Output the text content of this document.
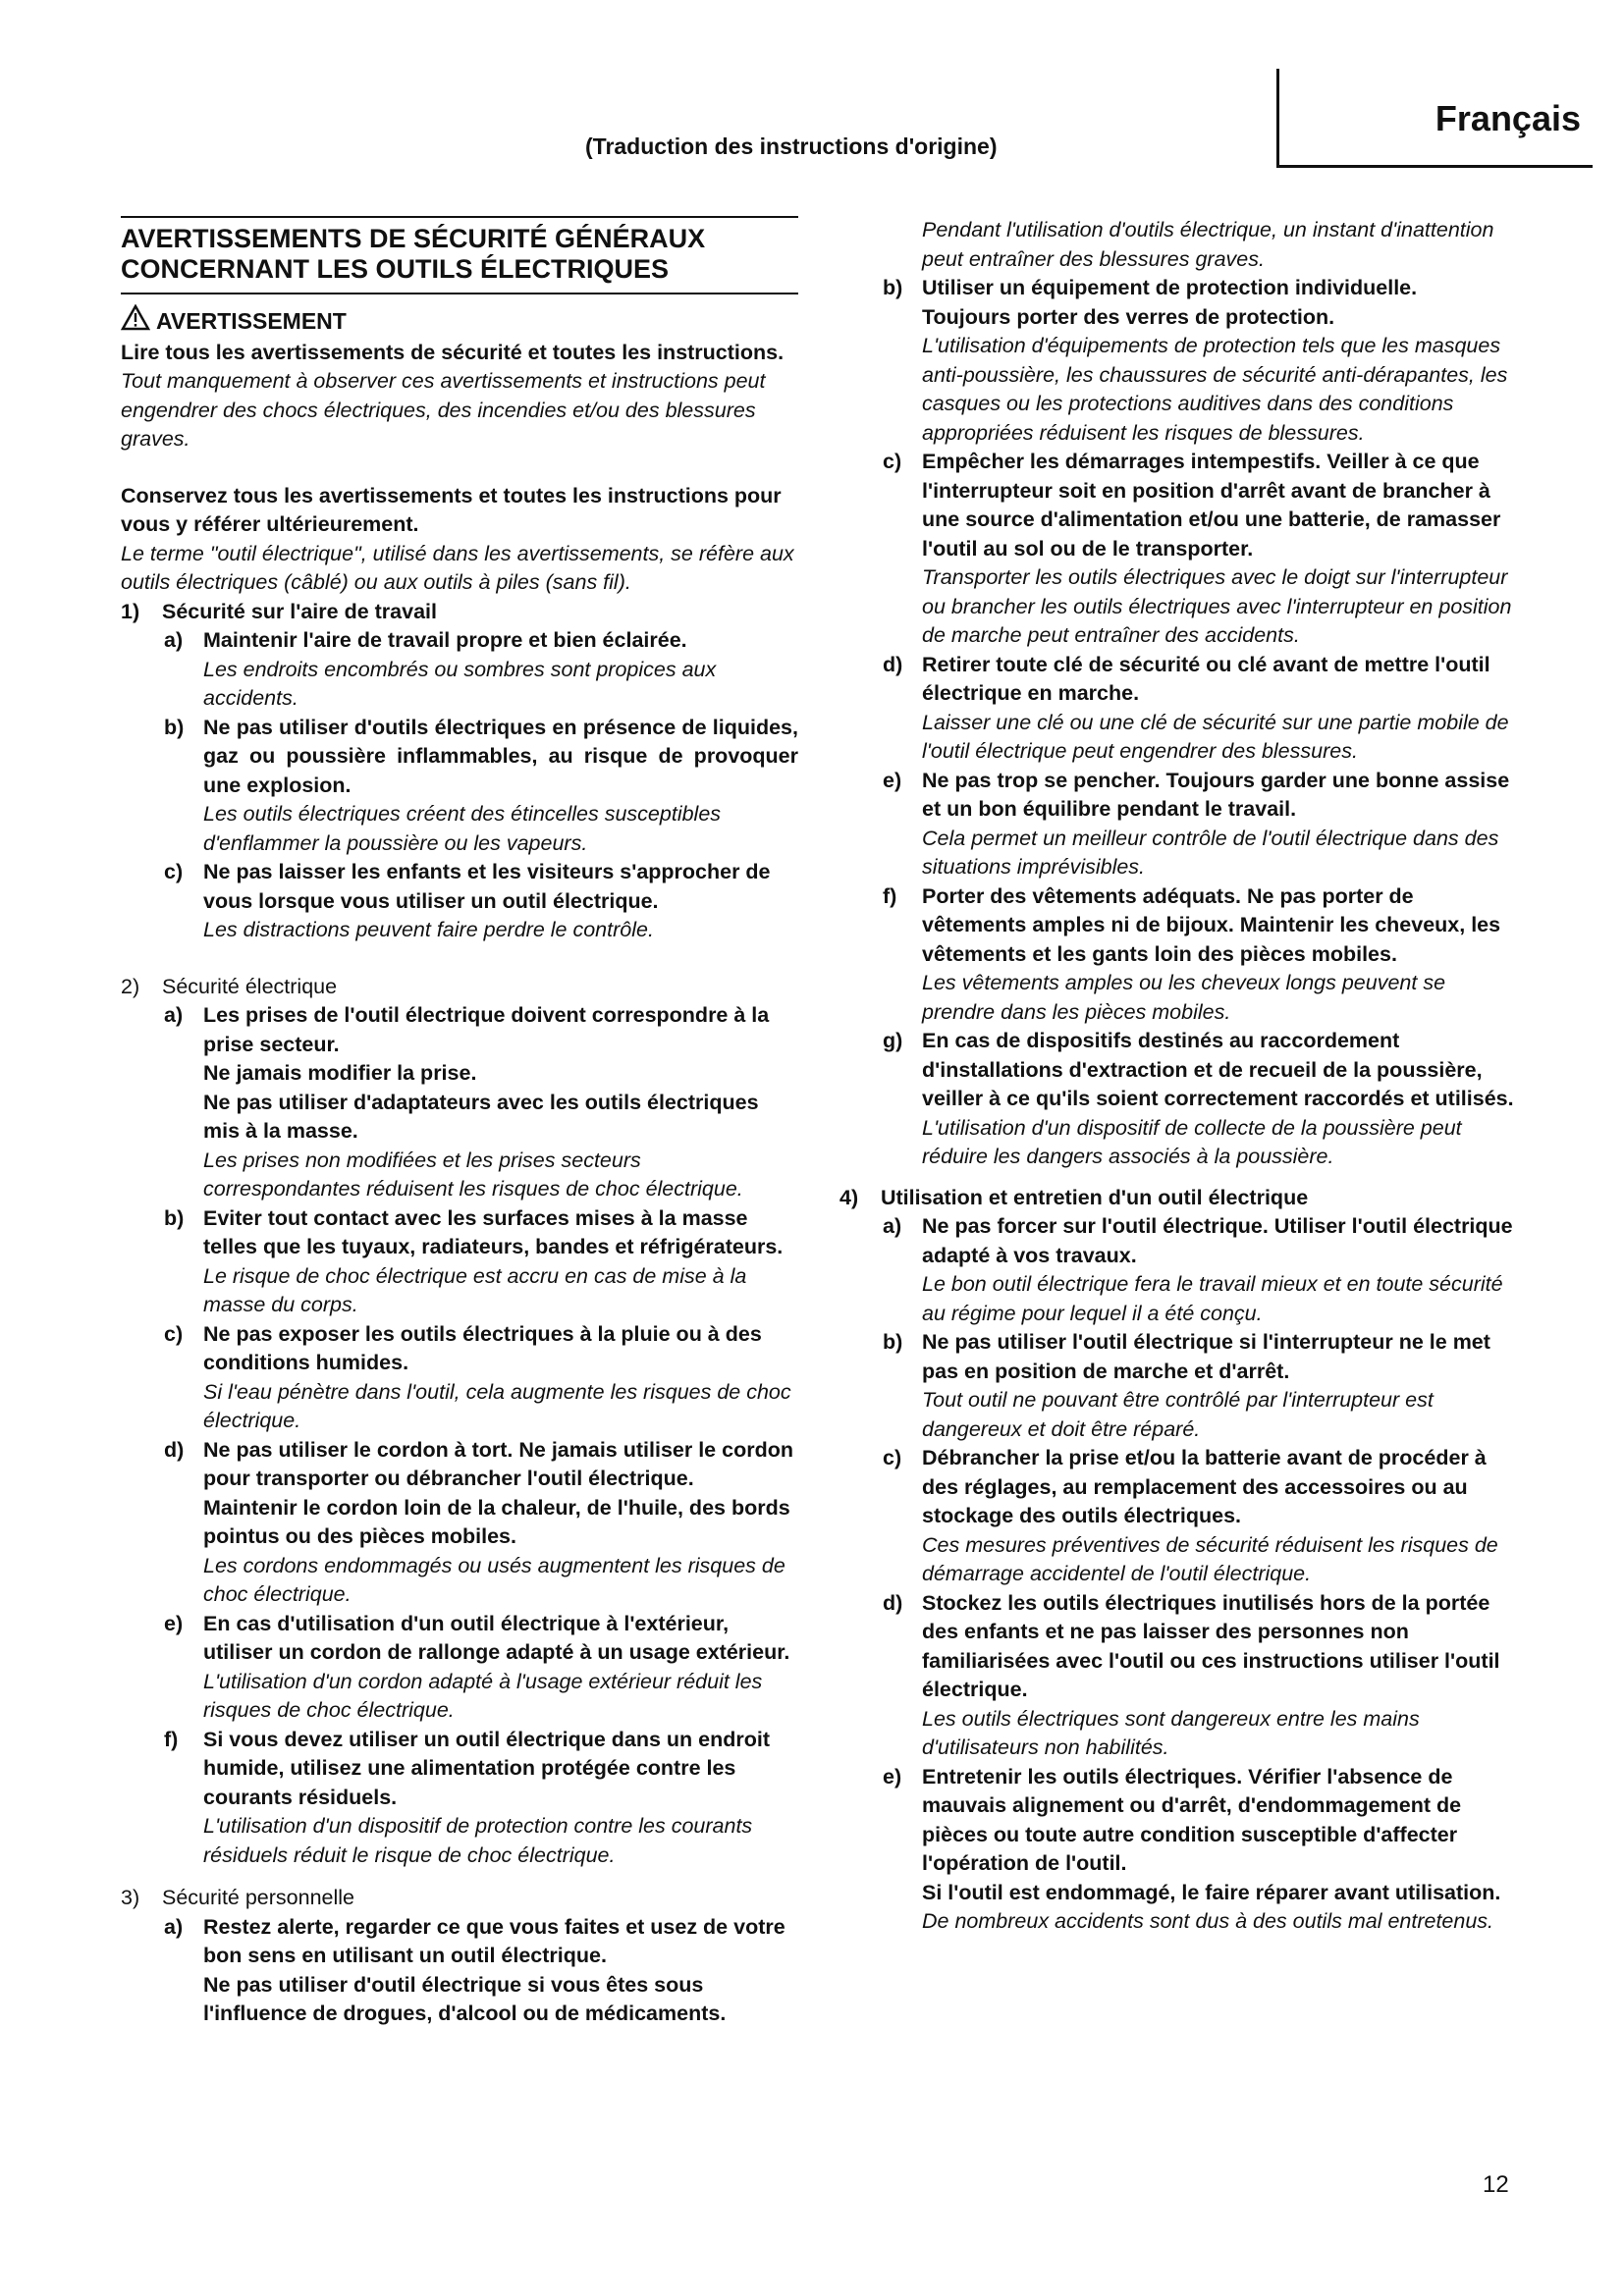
Français
(Traduction des instructions d'origine)
AVERTISSEMENTS DE SÉCURITÉ GÉNÉRAUX CONCERNANT LES OUTILS ÉLECTRIQUES
AVERTISSEMENT
Lire tous les avertissements de sécurité et toutes les instructions.
Tout manquement à observer ces avertissements et instructions peut engendrer des chocs électriques, des incendies et/ou des blessures graves.
Conservez tous les avertissements et toutes les instructions pour vous y référer ultérieurement.
Le terme "outil électrique", utilisé dans les avertissements, se réfère aux outils électriques (câblé) ou aux outils à piles (sans fil).
1)	Sécurité sur l'aire de travail
a) Maintenir l'aire de travail propre et bien éclairée.
Les endroits encombrés ou sombres sont propices aux accidents.
b) Ne pas utiliser d'outils électriques en présence de liquides, gaz ou poussière inflammables, au risque de provoquer une explosion.
Les outils électriques créent des étincelles susceptibles d'enflammer la poussière ou les vapeurs.
c) Ne pas laisser les enfants et les visiteurs s'approcher de vous lorsque vous utiliser un outil électrique.
Les distractions peuvent faire perdre le contrôle.
2)	Sécurité électrique
a) Les prises de l'outil électrique doivent correspondre à la prise secteur.
Ne jamais modifier la prise.
Ne pas utiliser d'adaptateurs avec les outils électriques mis à la masse.
Les prises non modifiées et les prises secteurs correspondantes réduisent les risques de choc électrique.
b) Eviter tout contact avec les surfaces mises à la masse telles que les tuyaux, radiateurs, bandes et réfrigérateurs.
Le risque de choc électrique est accru en cas de mise à la masse du corps.
c) Ne pas exposer les outils électriques à la pluie ou à des conditions humides.
Si l'eau pénètre dans l'outil, cela augmente les risques de choc électrique.
d) Ne pas utiliser le cordon à tort. Ne jamais utiliser le cordon pour transporter ou débrancher l'outil électrique.
Maintenir le cordon loin de la chaleur, de l'huile, des bords pointus ou des pièces mobiles.
Les cordons endommagés ou usés augmentent les risques de choc électrique.
e) En cas d'utilisation d'un outil électrique à l'extérieur, utiliser un cordon de rallonge adapté à un usage extérieur.
L'utilisation d'un cordon adapté à l'usage extérieur réduit les risques de choc électrique.
f)	Si vous devez utiliser un outil électrique dans un endroit humide, utilisez une alimentation protégée contre les courants résiduels.
L'utilisation d'un dispositif de protection contre les courants résiduels réduit le risque de choc électrique.
3)	Sécurité personnelle
a) Restez alerte, regarder ce que vous faites et usez de votre bon sens en utilisant un outil électrique.
Ne pas utiliser d'outil électrique si vous êtes sous l'influence de drogues, d'alcool ou de médicaments.
Pendant l'utilisation d'outils électrique, un instant d'inattention peut entraîner des blessures graves.
b) Utiliser un équipement de protection individuelle.
Toujours porter des verres de protection.
L'utilisation d'équipements de protection tels que les masques anti-poussière, les chaussures de sécurité anti-dérapantes, les casques ou les protections auditives dans des conditions appropriées réduisent les risques de blessures.
c) Empêcher les démarrages intempestifs. Veiller à ce que l'interrupteur soit en position d'arrêt avant de brancher à une source d'alimentation et/ou une batterie, de ramasser l'outil au sol ou de le transporter.
Transporter les outils électriques avec le doigt sur l'interrupteur ou brancher les outils électriques avec l'interrupteur en position de marche peut entraîner des accidents.
d) Retirer toute clé de sécurité ou clé avant de mettre l'outil électrique en marche.
Laisser une clé ou une clé de sécurité sur une partie mobile de l'outil électrique peut engendrer des blessures.
e) Ne pas trop se pencher. Toujours garder une bonne assise et un bon équilibre pendant le travail.
Cela permet un meilleur contrôle de l'outil électrique dans des situations imprévisibles.
f)	Porter des vêtements adéquats. Ne pas porter de vêtements amples ni de bijoux. Maintenir les cheveux, les vêtements et les gants loin des pièces mobiles.
Les vêtements amples ou les cheveux longs peuvent se prendre dans les pièces mobiles.
g) En cas de dispositifs destinés au raccordement d'installations d'extraction et de recueil de la poussière, veiller à ce qu'ils soient correctement raccordés et utilisés.
L'utilisation d'un dispositif de collecte de la poussière peut réduire les dangers associés à la poussière.
4)	Utilisation et entretien d'un outil électrique
a) Ne pas forcer sur l'outil électrique. Utiliser l'outil électrique adapté à vos travaux.
Le bon outil électrique fera le travail mieux et en toute sécurité au régime pour lequel il a été conçu.
b) Ne pas utiliser l'outil électrique si l'interrupteur ne le met pas en position de marche et d'arrêt.
Tout outil ne pouvant être contrôlé par l'interrupteur est dangereux et doit être réparé.
c) Débrancher la prise et/ou la batterie avant de procéder à des réglages, au remplacement des accessoires ou au stockage des outils électriques.
Ces mesures préventives de sécurité réduisent les risques de démarrage accidentel de l'outil électrique.
d) Stockez les outils électriques inutilisés hors de la portée des enfants et ne pas laisser des personnes non familiarisées avec l'outil ou ces instructions utiliser l'outil électrique.
Les outils électriques sont dangereux entre les mains d'utilisateurs non habilités.
e) Entretenir les outils électriques. Vérifier l'absence de mauvais alignement ou d'arrêt, d'endommagement de pièces ou toute autre condition susceptible d'affecter l'opération de l'outil.
Si l'outil est endommagé, le faire réparer avant utilisation.
De nombreux accidents sont dus à des outils mal entretenus.
12
